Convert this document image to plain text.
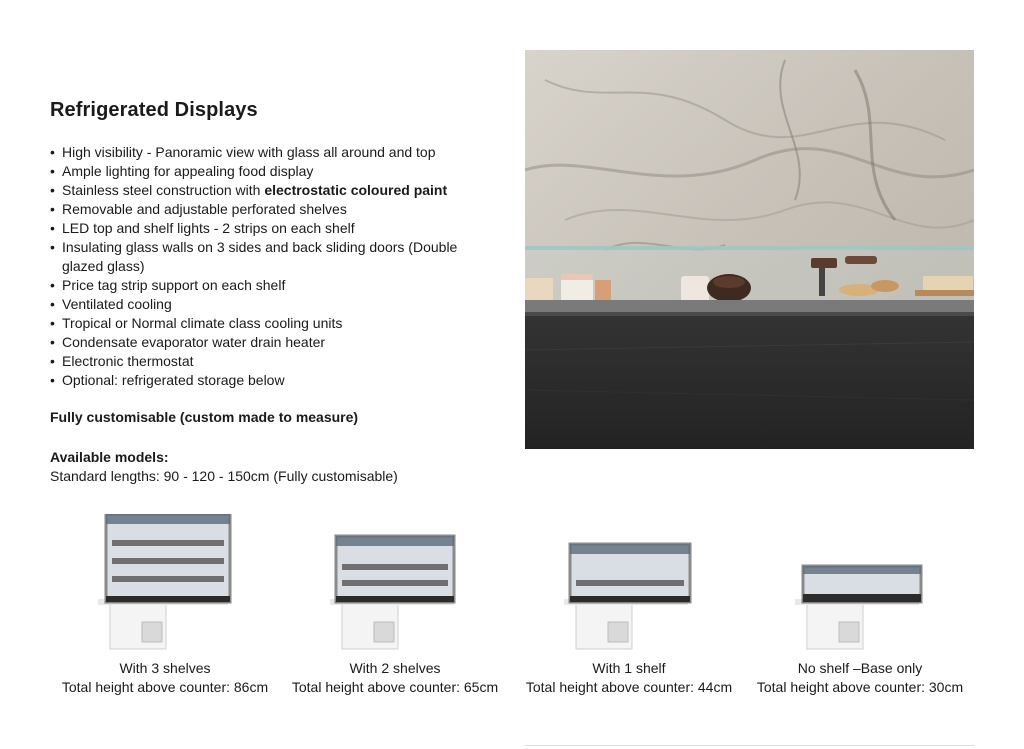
Refrigerated Displays
• High visibility - Panoramic view with glass all around and top
• Ample lighting for appealing food display
• Stainless steel construction with electrostatic coloured paint
• Removable and adjustable perforated shelves
• LED top and shelf lights - 2 strips on each shelf
• Insulating glass walls on 3 sides and back sliding doors (Double glazed glass)
• Price tag strip support on each shelf
• Ventilated cooling
• Tropical or Normal climate class cooling units
• Condensate evaporator water drain heater
• Electronic thermostat
• Optional: refrigerated storage below
Fully customisable (custom made to measure)
Available models:
Standard lengths: 90 - 120 - 150cm (Fully customisable)
With 3 shelves
Total height above counter: 86cm
With 2 shelves
Total height above counter: 65cm
With 1 shelf
Total height above counter: 44cm
No shelf –Base only
Total height above counter: 30cm
